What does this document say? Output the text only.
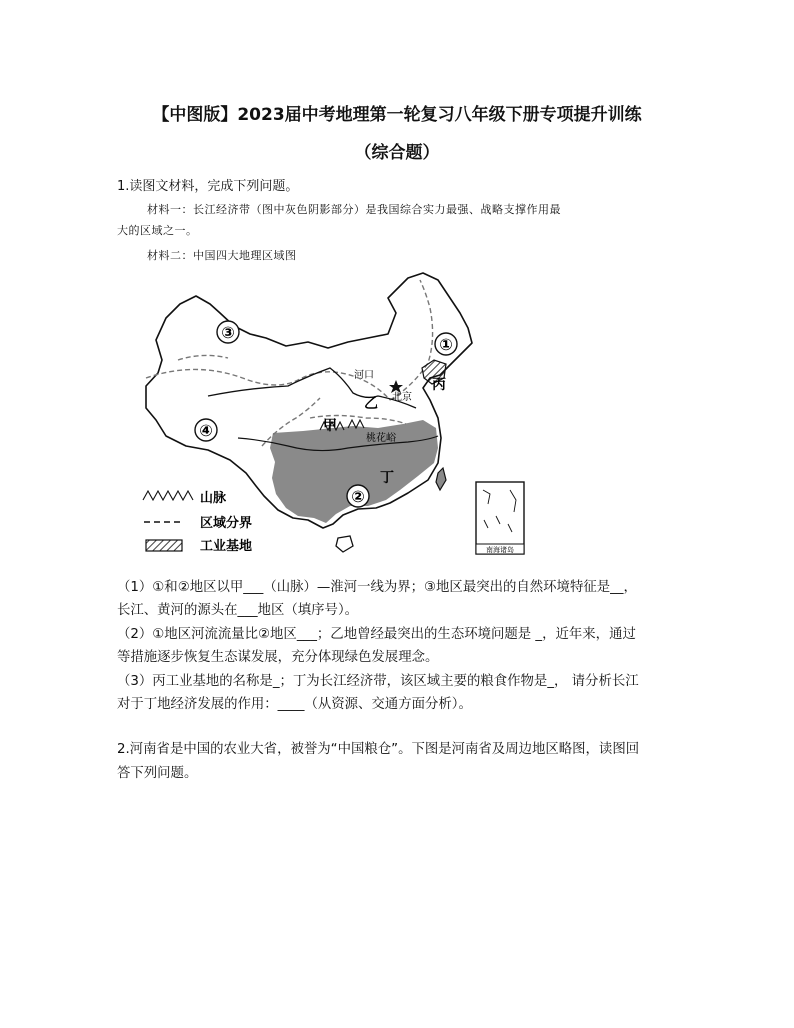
【中图版】2023届中考地理第一轮复习八年级下册专项提升训练
（综合题）
1.读图文材料，完成下列问题。
材料一：长江经济带（图中灰色阴影部分）是我国综合实力最强、战略支撑作用最
大的区域之一。
材料二：中国四大地理区域图
①
②
③
④	甲
乙
丙
丁
河口
北京
桃花峪
南海诸岛
山脉
区域分界
工业基地
（1）①和②地区以甲___（山脉）—淮河一线为界；③地区最突出的自然环境特征是__，
长江、黄河的源头在___地区（填序号）。
（2）①地区河流流量比②地区___；乙地曾经最突出的生态环境问题是 _，近年来，通过
等措施逐步恢复生态谋发展，充分体现绿色发展理念。
（3）丙工业基地的名称是_；丁为长江经济带，该区域主要的粮食作物是_， 请分析长江
对于丁地经济发展的作用：____（从资源、交通方面分析）。
2.河南省是中国的农业大省，被誉为“中国粮仓”。下图是河南省及周边地区略图，读图回
答下列问题。
